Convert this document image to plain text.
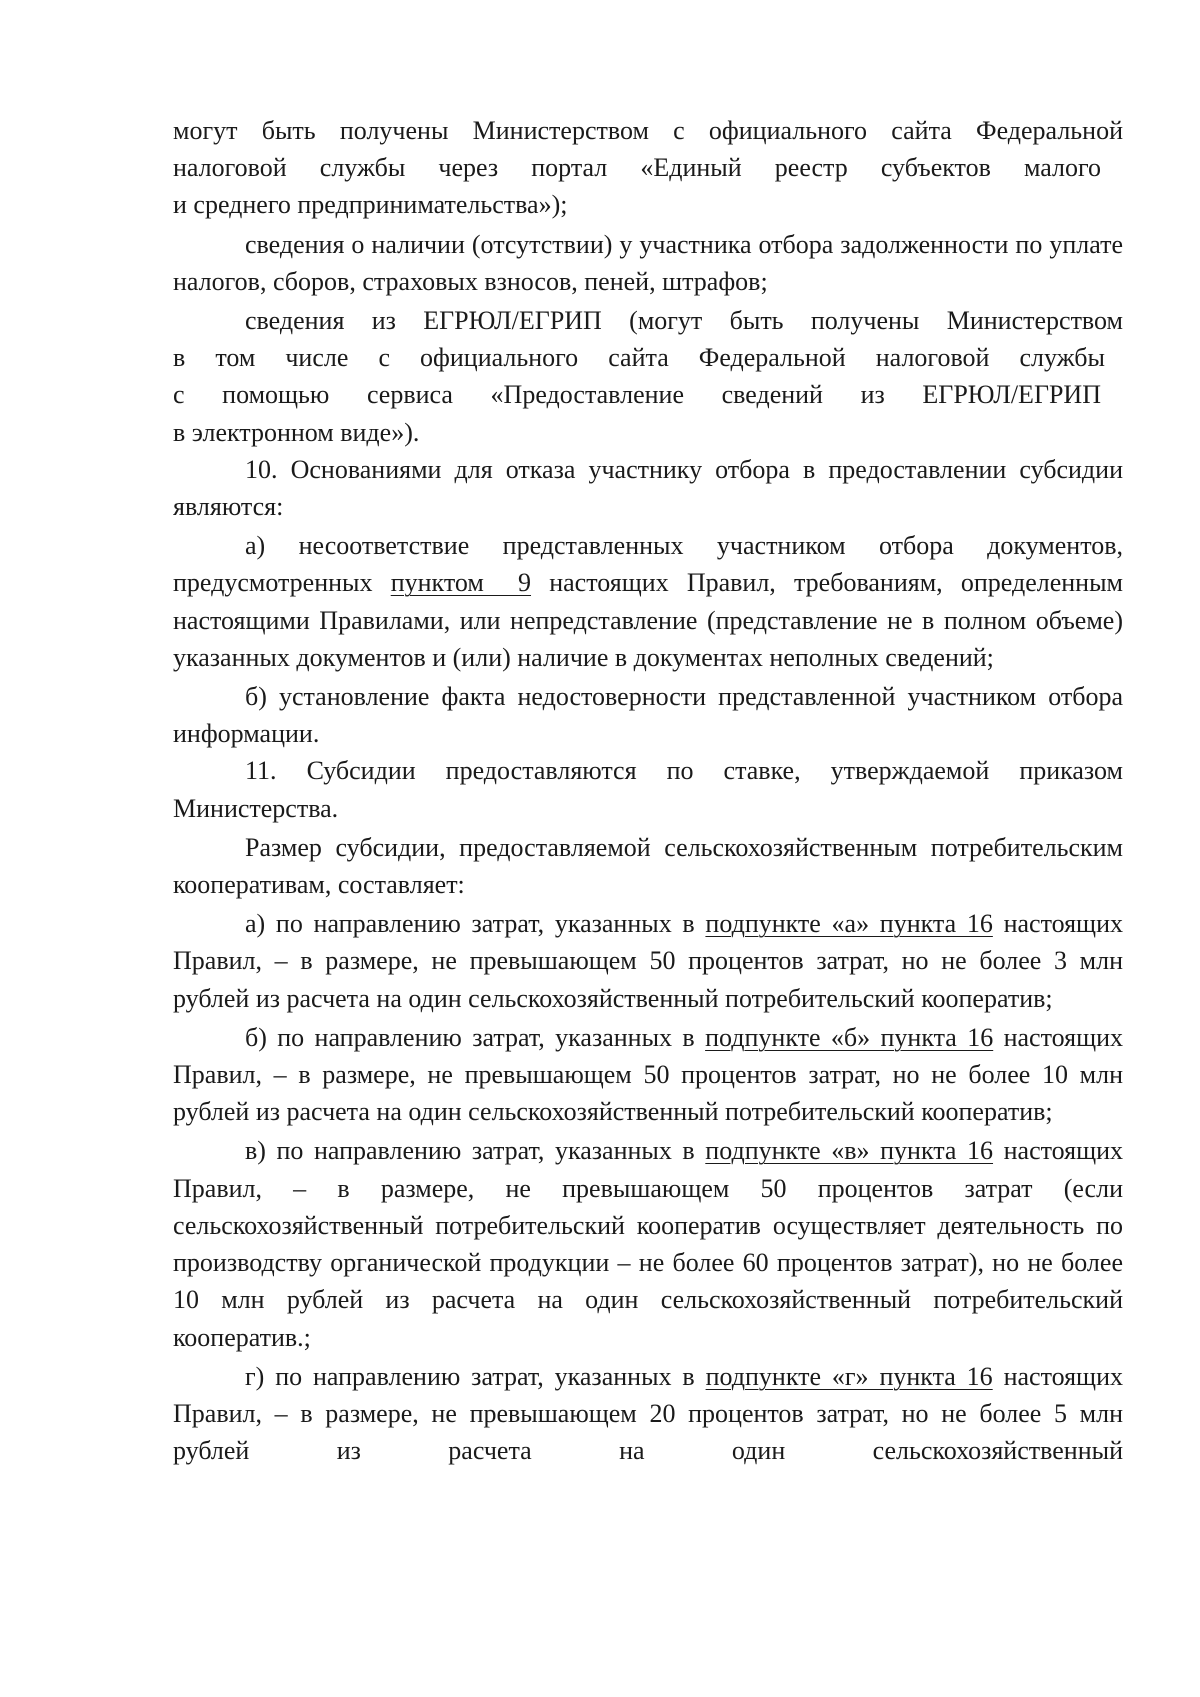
могут быть получены Министерством с официального сайта Федеральной
налоговой службы через портал «Единый реестр субъектов малого
и среднего предпринимательства»);

сведения о наличии (отсутствии) у участника отбора задолженности по уплате налогов, сборов, страховых взносов, пеней, штрафов;

сведения из ЕГРЮЛ/ЕГРИП (могут быть получены Министерством
в том числе с официального сайта Федеральной налоговой службы
с помощью сервиса «Предоставление сведений из ЕГРЮЛ/ЕГРИП
в электронном виде»).

10. Основаниями для отказа участнику отбора в предоставлении субсидии являются:

а) несоответствие представленных участником отбора документов, предусмотренных пунктом 9 настоящих Правил, требованиям, определенным настоящими Правилами, или непредставление (представление не в полном объеме) указанных документов и (или) наличие в документах неполных сведений;

б) установление факта недостоверности представленной участником отбора информации.

11. Субсидии предоставляются по ставке, утверждаемой приказом Министерства.

Размер субсидии, предоставляемой сельскохозяйственным потребительским кооперативам, составляет:

а) по направлению затрат, указанных в подпункте «а» пункта 16 настоящих Правил, – в размере, не превышающем 50 процентов затрат, но не более 3 млн рублей из расчета на один сельскохозяйственный потребительский кооператив;

б) по направлению затрат, указанных в подпункте «б» пункта 16 настоящих Правил, – в размере, не превышающем 50 процентов затрат, но не более 10 млн рублей из расчета на один сельскохозяйственный потребительский кооператив;

в) по направлению затрат, указанных в подпункте «в» пункта 16 настоящих Правил, – в размере, не превышающем 50 процентов затрат (если сельскохозяйственный потребительский кооператив осуществляет деятельность по производству органической продукции – не более 60 процентов затрат), но не более 10 млн рублей из расчета на один сельскохозяйственный потребительский кооператив.;

г) по направлению затрат, указанных в подпункте «г» пункта 16 настоящих Правил, – в размере, не превышающем 20 процентов затрат, но не более 5 млн рублей из расчета на один сельскохозяйственный
